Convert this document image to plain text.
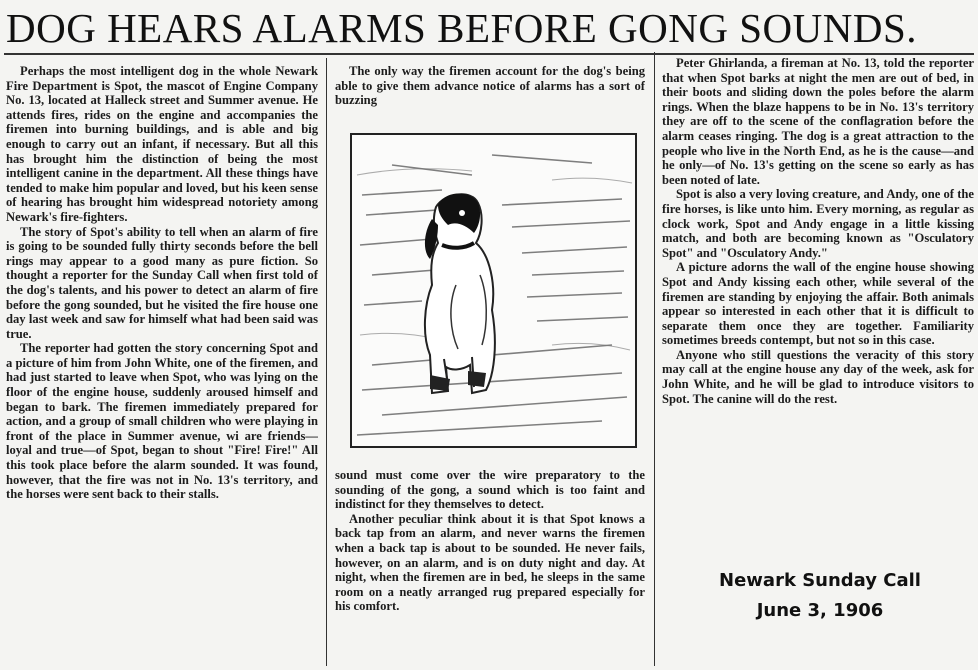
DOG HEARS ALARMS BEFORE GONG SOUNDS.

Perhaps the most intelligent dog in the whole Newark Fire Department is Spot, the mascot of Engine Company No. 13, located at Halleck street and Summer avenue. He attends fires, rides on the engine and accompanies the firemen into burning buildings, and is able and big enough to carry out an infant, if necessary. But all this has brought him the distinction of being the most intelligent canine in the department. All these things have tended to make him popular and loved, but his keen sense of hearing has brought him widespread notoriety among Newark's fire-fighters.

The story of Spot's ability to tell when an alarm of fire is going to be sounded fully thirty seconds before the bell rings may appear to a good many as pure fiction. So thought a reporter for the Sunday Call when first told of the dog's talents, and his power to detect an alarm of fire before the gong sounded, but he visited the fire house one day last week and saw for himself what had been said was true.

The reporter had gotten the story concerning Spot and a picture of him from John White, one of the firemen, and had just started to leave when Spot, who was lying on the floor of the engine house, suddenly aroused himself and began to bark. The firemen immediately prepared for action, and a group of small children who were playing in front of the place in Summer avenue, wi are friends—loyal and true—of Spot, began to shout "Fire! Fire!" All this took place before the alarm sounded. It was found, however, that the fire was not in No. 13's territory, and the horses were sent back to their stalls.

The only way the firemen account for the dog's being able to give them advance notice of alarms has a sort of buzzing

sound must come over the wire preparatory to the sounding of the gong, a sound which is too faint and indistinct for they themselves to detect.

Another peculiar think about it is that Spot knows a back tap from an alarm, and never warns the firemen when a back tap is about to be sounded. He never fails, however, on an alarm, and is on duty night and day. At night, when the firemen are in bed, he sleeps in the same room on a neatly arranged rug prepared especially for his comfort.

Peter Ghirlanda, a fireman at No. 13, told the reporter that when Spot barks at night the men are out of bed, in their boots and sliding down the poles before the alarm rings. When the blaze happens to be in No. 13's territory they are off to the scene of the conflagration before the alarm ceases ringing. The dog is a great attraction to the people who live in the North End, as he is the cause—and he only—of No. 13's getting on the scene so early as has been noted of late.

Spot is also a very loving creature, and Andy, one of the fire horses, is like unto him. Every morning, as regular as clock work, Spot and Andy engage in a little kissing match, and both are becoming known as "Osculatory Spot" and "Osculatory Andy."

A picture adorns the wall of the engine house showing Spot and Andy kissing each other, while several of the firemen are standing by enjoying the affair. Both animals appear so interested in each other that it is difficult to separate them once they are together. Familiarity sometimes breeds contempt, but not so in this case.

Anyone who still questions the veracity of this story may call at the engine house any day of the week, ask for John White, and he will be glad to introduce visitors to Spot. The canine will do the rest.

Newark Sunday Call
June 3, 1906
